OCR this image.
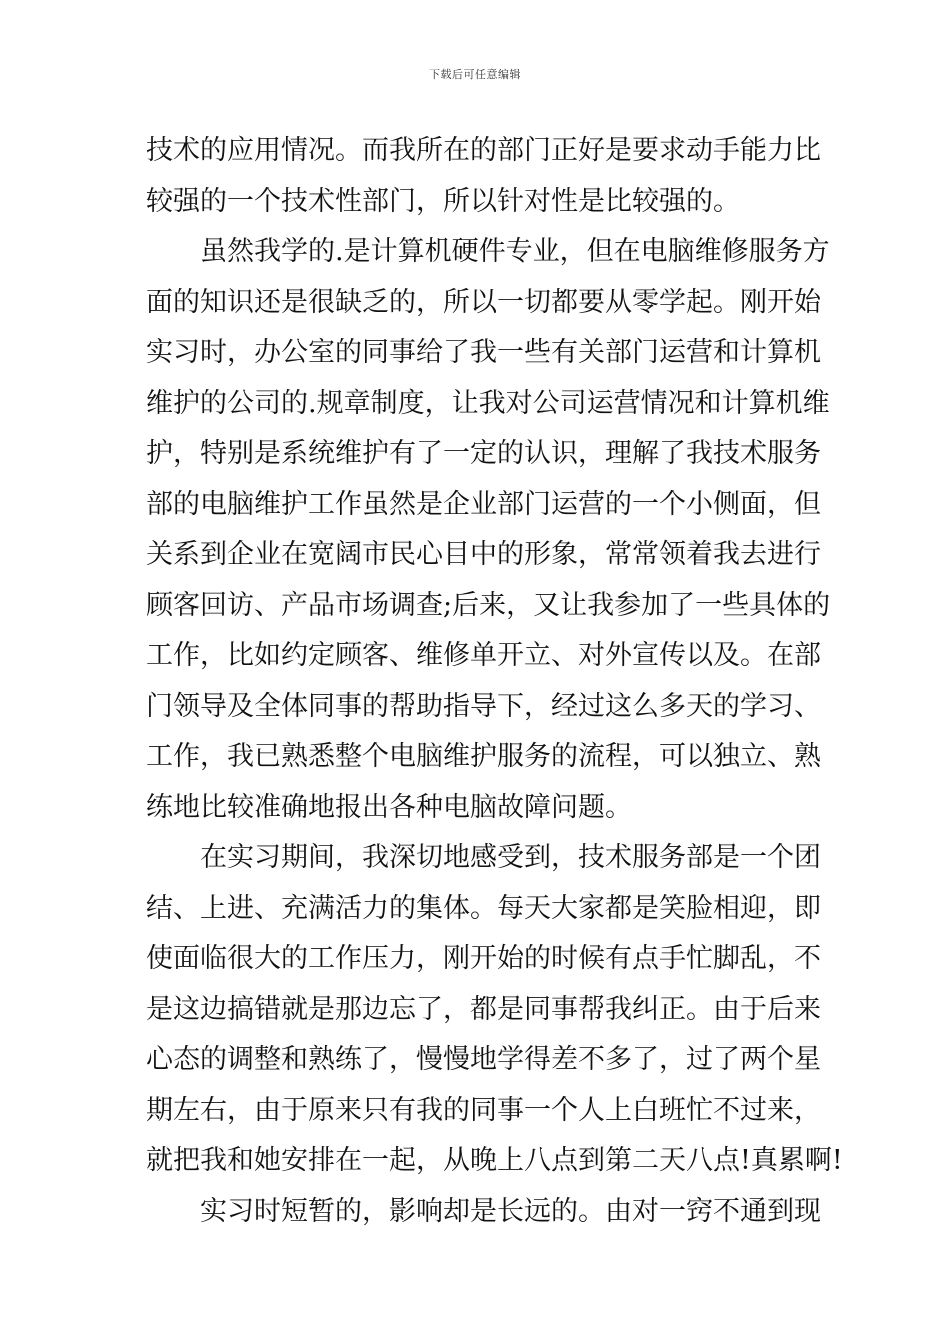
下载后可任意编辑
技术的应用情况。而我所在的部门正好是要求动手能力比
较强的一个技术性部门，所以针对性是比较强的。
虽然我学的.是计算机硬件专业，但在电脑维修服务方
面的知识还是很缺乏的，所以一切都要从零学起。刚开始
实习时，办公室的同事给了我一些有关部门运营和计算机
维护的公司的.规章制度，让我对公司运营情况和计算机维
护，特别是系统维护有了一定的认识，理解了我技术服务
部的电脑维护工作虽然是企业部门运营的一个小侧面，但
关系到企业在宽阔市民心目中的形象，常常领着我去进行
顾客回访、产品市场调查;后来，又让我参加了一些具体的
工作，比如约定顾客、维修单开立、对外宣传以及。在部
门领导及全体同事的帮助指导下，经过这么多天的学习、
工作，我已熟悉整个电脑维护服务的流程，可以独立、熟
练地比较准确地报出各种电脑故障问题。
在实习期间，我深切地感受到，技术服务部是一个团
结、上进、充满活力的集体。每天大家都是笑脸相迎，即
使面临很大的工作压力，刚开始的时候有点手忙脚乱，不
是这边搞错就是那边忘了，都是同事帮我纠正。由于后来
心态的调整和熟练了，慢慢地学得差不多了，过了两个星
期左右，由于原来只有我的同事一个人上白班忙不过来，
就把我和她安排在一起，从晚上八点到第二天八点!真累啊!
实习时短暂的，影响却是长远的。由对一窍不通到现
